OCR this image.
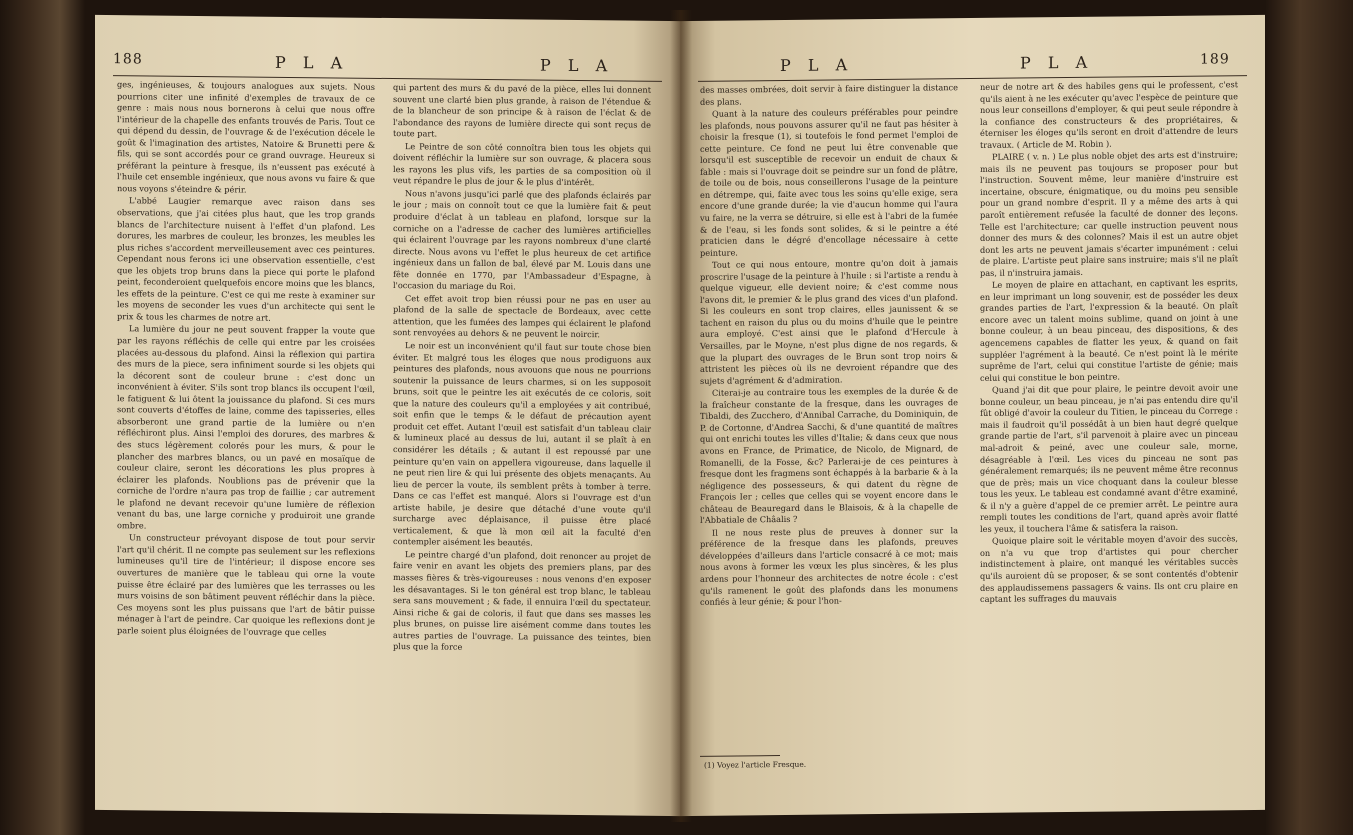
188	P L A	P L A

ges, ingénieuses, & toujours analogues aux sujets. Nous pourrions citer une infinité d'exemples de travaux de ce genre : mais nous nous bornerons à celui que nous offre l'intérieur de la chapelle des enfants trouvés de Paris. Tout ce qui dépend du dessin, de l'ouvrage & de l'exécution décele le goût & l'imagination des artistes, Natoire & Brunetti pere & fils, qui se sont accordés pour ce grand ouvrage. Heureux si préférant la peinture à fresque, ils n'eussent pas exécuté à l'huile cet ensemble ingénieux, que nous avons vu faire & que nous voyons s'éteindre & périr.

L'abbé Laugier remarque avec raison dans ses observations, que j'ai citées plus haut, que les trop grands blancs de l'architecture nuisent à l'effet d'un plafond. Les dorures, les marbres de couleur, les bronzes, les meubles les plus riches s'accordent merveilleusement avec ces peintures. Cependant nous ferons ici une observation essentielle, c'est que les objets trop bruns dans la piece qui porte le plafond peint, feconderoient quelquefois encore moins que les blancs, les effets de la peinture. C'est ce qui me reste à examiner sur les moyens de seconder les vues d'un architecte qui sent le prix & tous les charmes de notre art.

La lumière du jour ne peut souvent frapper la voute que par les rayons réfléchis de celle qui entre par les croisées placées au-dessous du plafond. Ainsi la réflexion qui partira des murs de la piece, sera infiniment sourde si les objets qui la décorent sont de couleur brune : c'est donc un inconvénient à éviter. S'ils sont trop blancs ils occupent l'œil, le fatiguent & lui ôtent la jouissance du plafond. Si ces murs sont couverts d'étoffes de laine, comme des tapisseries, elles absorberont une grand partie de la lumière ou n'en réfléchiront plus. Ainsi l'emploi des dorures, des marbres & des stucs légèrement colorés pour les murs, & pour le plancher des marbres blancs, ou un pavé en mosaïque de couleur claire, seront les décorations les plus propres à éclairer les plafonds. Noublions pas de prévenir que la corniche de l'ordre n'aura pas trop de faillie ; car autrement le plafond ne devant recevoir qu'une lumière de réflexion venant du bas, une large corniche y produiroit une grande ombre.

Un constructeur prévoyant dispose de tout pour servir l'art qu'il chérit. Il ne compte pas seulement sur les reflexions lumineuses qu'il tire de l'intérieur; il dispose encore ses ouvertures de manière que le tableau qui orne la voute puisse être éclairé par des lumières que les terrasses ou les murs voisins de son bâtiment peuvent réfléchir dans la pièce. Ces moyens sont les plus puissans que l'art de bâtir puisse ménager à l'art de peindre. Car quoique les reflexions dont je parle soient plus éloignées de l'ouvrage que celles

qui partent des murs & du pavé de la pièce, elles lui donnent souvent une clarté bien plus grande, à raison de l'étendue & de la blancheur de son principe & à raison de l'éclat & de l'abondance des rayons de lumière directe qui sont reçus de toute part.

Le Peintre de son côté connoîtra bien tous les objets qui doivent réfléchir la lumière sur son ouvrage, & placera sous les rayons les plus vifs, les parties de sa composition où il veut répandre le plus de jour & le plus d'intérêt.

Nous n'avons jusqu'ici parlé que des plafonds éclairés par le jour ; mais on connoît tout ce que la lumière fait & peut produire d'éclat à un tableau en plafond, lorsque sur la corniche on a l'adresse de cacher des lumières artificielles qui éclairent l'ouvrage par les rayons nombreux d'une clarté directe. Nous avons vu l'effet le plus heureux de cet artifice ingénieux dans un fallon de bal, élevé par M. Louis dans une fête donnée en 1770, par l'Ambassadeur d'Espagne, à l'occasion du mariage du Roi.

Cet effet avoit trop bien réussi pour ne pas en user au plafond de la salle de spectacle de Bordeaux, avec cette attention, que les fumées des lampes qui éclairent le plafond sont renvoyées au dehors & ne peuvent le noircir.

Le noir est un inconvénient qu'il faut sur toute chose bien éviter. Et malgré tous les éloges que nous prodiguons aux peintures des plafonds, nous avouons que nous ne pourrions soutenir la puissance de leurs charmes, si on les supposoit bruns, soit que le peintre les ait exécutés de ce coloris, soit que la nature des couleurs qu'il a employées y ait contribué, soit enfin que le temps & le défaut de précaution ayent produit cet effet. Autant l'œuil est satisfait d'un tableau clair & lumineux placé au dessus de lui, autant il se plaît à en considérer les détails ; & autant il est repoussé par une peinture qu'en vain on appellera vigoureuse, dans laquelle il ne peut rien lire & qui lui présente des objets menaçants. Au lieu de percer la voute, ils semblent prêts à tomber à terre. Dans ce cas l'effet est manqué. Alors si l'ouvrage est d'un artiste habile, je desire que détaché d'une voute qu'il surcharge avec déplaisance, il puisse être placé verticalement, & que là mon œil ait la faculté d'en contempler aisément les beautés.

Le peintre chargé d'un plafond, doit renoncer au projet de faire venir en avant les objets des premiers plans, par des masses fières & très-vigoureuses : nous venons d'en exposer les désavantages. Si le ton général est trop blanc, le tableau sera sans mouvement ; & fade, il ennuira l'œil du spectateur. Ainsi riche & gai de coloris, il faut que dans ses masses les plus brunes, on puisse lire aisément comme dans toutes les autres parties de l'ouvrage. La puissance des teintes, bien plus que la force

P L A	P L A	189

des masses ombrées, doit servir à faire distinguer la distance des plans.

Quant à la nature des couleurs préférables pour peindre les plafonds, nous pouvons assurer qu'il ne faut pas hésiter à choisir la fresque (1), si toutefois le fond permet l'emploi de cette peinture. Ce fond ne peut lui être convenable que lorsqu'il est susceptible de recevoir un enduit de chaux & fable : mais si l'ouvrage doit se peindre sur un fond de plâtre, de toile ou de bois, nous conseillerons l'usage de la peinture en détrempe, qui, faite avec tous les soins qu'elle exige, sera encore d'une grande durée; la vie d'aucun homme qui l'aura vu faire, ne la verra se détruire, si elle est à l'abri de la fumée & de l'eau, si les fonds sont solides, & si le peintre a été praticien dans le dégré d'encollage nécessaire à cette peinture.

Tout ce qui nous entoure, montre qu'on doit à jamais proscrire l'usage de la peinture à l'huile : si l'artiste a rendu à quelque vigueur, elle devient noire; & c'est comme nous l'avons dit, le premier & le plus grand des vices d'un plafond. Si les couleurs en sont trop claires, elles jaunissent & se tachent en raison du plus ou du moins d'huile que le peintre aura employé. C'est ainsi que le plafond d'Hercule à Versailles, par le Moyne, n'est plus digne de nos regards, & que la plupart des ouvrages de le Brun sont trop noirs & attristent les pièces où ils ne devroient répandre que des sujets d'agrément & d'admiration.

Citerai-je au contraire tous les exemples de la durée & de la fraîcheur constante de la fresque, dans les ouvrages de Tibaldi, des Zucchero, d'Annibal Carrache, du Dominiquin, de P. de Cortonne, d'Andrea Sacchi, & d'une quantité de maîtres qui ont enrichi toutes les villes d'Italie; & dans ceux que nous avons en France, de Primatice, de Nicolo, de Mignard, de Romanelli, de la Fosse, &c? Parlerai-je de ces peintures à fresque dont les fragmens sont échappés à la barbarie & à la négligence des possesseurs, & qui datent du règne de François Ier ; celles que celles qui se voyent encore dans le château de Beauregard dans le Blaisois, & à la chapelle de l'Abbatiale de Châalis ?

Il ne nous reste plus de preuves à donner sur la préférence de la fresque dans les plafonds, preuves développées d'ailleurs dans l'article consacré à ce mot; mais nous avons à former les vœux les plus sincères, & les plus ardens pour l'honneur des architectes de notre école : c'est qu'ils ramenent le goût des plafonds dans les monumens confiés à leur génie; & pour l'hon-

(1) Voyez l'article Fresque.

neur de notre art & des habiles gens qui le professent, c'est qu'ils aient à ne les exécuter qu'avec l'espèce de peinture que nous leur conseillons d'employer, & qui peut seule répondre à la confiance des constructeurs & des propriétaires, & éterniser les éloges qu'ils seront en droit d'attendre de leurs travaux. ( Article de M. Robin ).

PLAIRE ( v. n. ) Le plus noble objet des arts est d'instruire; mais ils ne peuvent pas toujours se proposer pour but l'instruction. Souvent même, leur manière d'instruire est incertaine, obscure, énigmatique, ou du moins peu sensible pour un grand nombre d'esprit. Il y a même des arts à qui paroît entièrement refusée la faculté de donner des leçons. Telle est l'architecture; car quelle instruction peuvent nous donner des murs & des colonnes? Mais il est un autre objet dont les arts ne peuvent jamais s'écarter impunément : celui de plaire. L'artiste peut plaire sans instruire; mais s'il ne plaît pas, il n'instruira jamais.

Le moyen de plaire en attachant, en captivant les esprits, en leur imprimant un long souvenir, est de posséder les deux grandes parties de l'art, l'expression & la beauté. On plaît encore avec un talent moins sublime, quand on joint à une bonne couleur, à un beau pinceau, des dispositions, & des agencemens capables de flatter les yeux, & quand on fait suppléer l'agrément à la beauté. Ce n'est point là le mérite suprême de l'art, celui qui constitue l'artiste de génie; mais celui qui constitue le bon peintre.

Quand j'ai dit que pour plaire, le peintre devoit avoir une bonne couleur, un beau pinceau, je n'ai pas entendu dire qu'il fût obligé d'avoir la couleur du Titien, le pinceau du Correge : mais il faudroit qu'il possédât à un bien haut degré quelque grande partie de l'art, s'il parvenoit à plaire avec un pinceau mal-adroit & peiné, avec une couleur sale, morne, désagréable à l'œil. Les vices du pinceau ne sont pas généralement remarqués; ils ne peuvent même être reconnus que de près; mais un vice choquant dans la couleur blesse tous les yeux. Le tableau est condamné avant d'être examiné, & il n'y a guère d'appel de ce premier arrêt. Le peintre aura rempli toutes les conditions de l'art, quand après avoir flatté les yeux, il touchera l'âme & satisfera la raison.

Quoique plaire soit le véritable moyen d'avoir des succès, on n'a vu que trop d'artistes qui pour chercher indistinctement à plaire, ont manqué les véritables succès qu'ils auroient dû se proposer, & se sont contentés d'obtenir des applaudissemens passagers & vains. Ils ont cru plaire en captant les suffrages du mauvais
